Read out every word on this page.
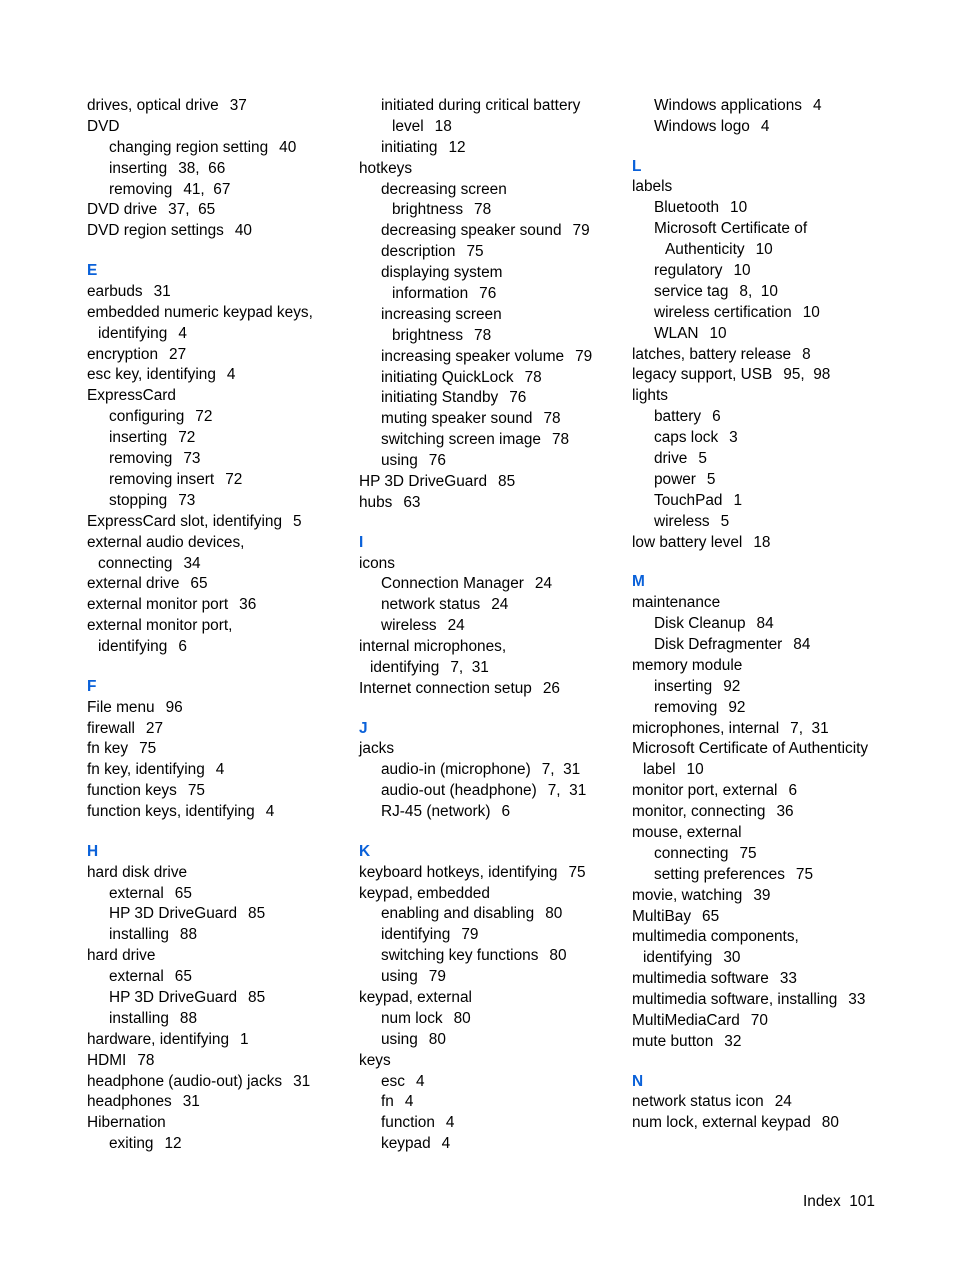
drives, optical drive 37
DVD
changing region setting 40
inserting 38,  66
removing 41,  67
DVD drive 37,  65
DVD region settings 40
E
earbuds 31
embedded numeric keypad keys,
identifying 4
encryption 27
esc key, identifying 4
ExpressCard
configuring 72
inserting 72
removing 73
removing insert 72
stopping 73
ExpressCard slot, identifying 5
external audio devices,
connecting 34
external drive 65
external monitor port 36
external monitor port,
identifying 6
F
File menu 96
firewall 27
fn key 75
fn key, identifying 4
function keys 75
function keys, identifying 4
H
hard disk drive
external 65
HP 3D DriveGuard 85
installing 88
hard drive
external 65
HP 3D DriveGuard 85
installing 88
hardware, identifying 1
HDMI 78
headphone (audio-out) jacks 31
headphones 31
Hibernation
exiting 12
initiated during critical battery
level 18
initiating 12
hotkeys
decreasing screen
brightness 78
decreasing speaker sound 79
description 75
displaying system
information 76
increasing screen
brightness 78
increasing speaker volume 79
initiating QuickLock 78
initiating Standby 76
muting speaker sound 78
switching screen image 78
using 76
HP 3D DriveGuard 85
hubs 63
I
icons
Connection Manager 24
network status 24
wireless 24
internal microphones,
identifying 7,  31
Internet connection setup 26
J
jacks
audio-in (microphone) 7,  31
audio-out (headphone) 7,  31
RJ-45 (network) 6
K
keyboard hotkeys, identifying 75
keypad, embedded
enabling and disabling 80
identifying 79
switching key functions 80
using 79
keypad, external
num lock 80
using 80
keys
esc 4
fn 4
function 4
keypad 4
Windows applications 4
Windows logo 4
L
labels
Bluetooth 10
Microsoft Certificate of
Authenticity 10
regulatory 10
service tag 8,  10
wireless certification 10
WLAN 10
latches, battery release 8
legacy support, USB 95,  98
lights
battery 6
caps lock 3
drive 5
power 5
TouchPad 1
wireless 5
low battery level 18
M
maintenance
Disk Cleanup 84
Disk Defragmenter 84
memory module
inserting 92
removing 92
microphones, internal 7,  31
Microsoft Certificate of Authenticity
label 10
monitor port, external 6
monitor, connecting 36
mouse, external
connecting 75
setting preferences 75
movie, watching 39
MultiBay 65
multimedia components,
identifying 30
multimedia software 33
multimedia software, installing 33
MultiMediaCard 70
mute button 32
N
network status icon 24
num lock, external keypad 80
Index 101
